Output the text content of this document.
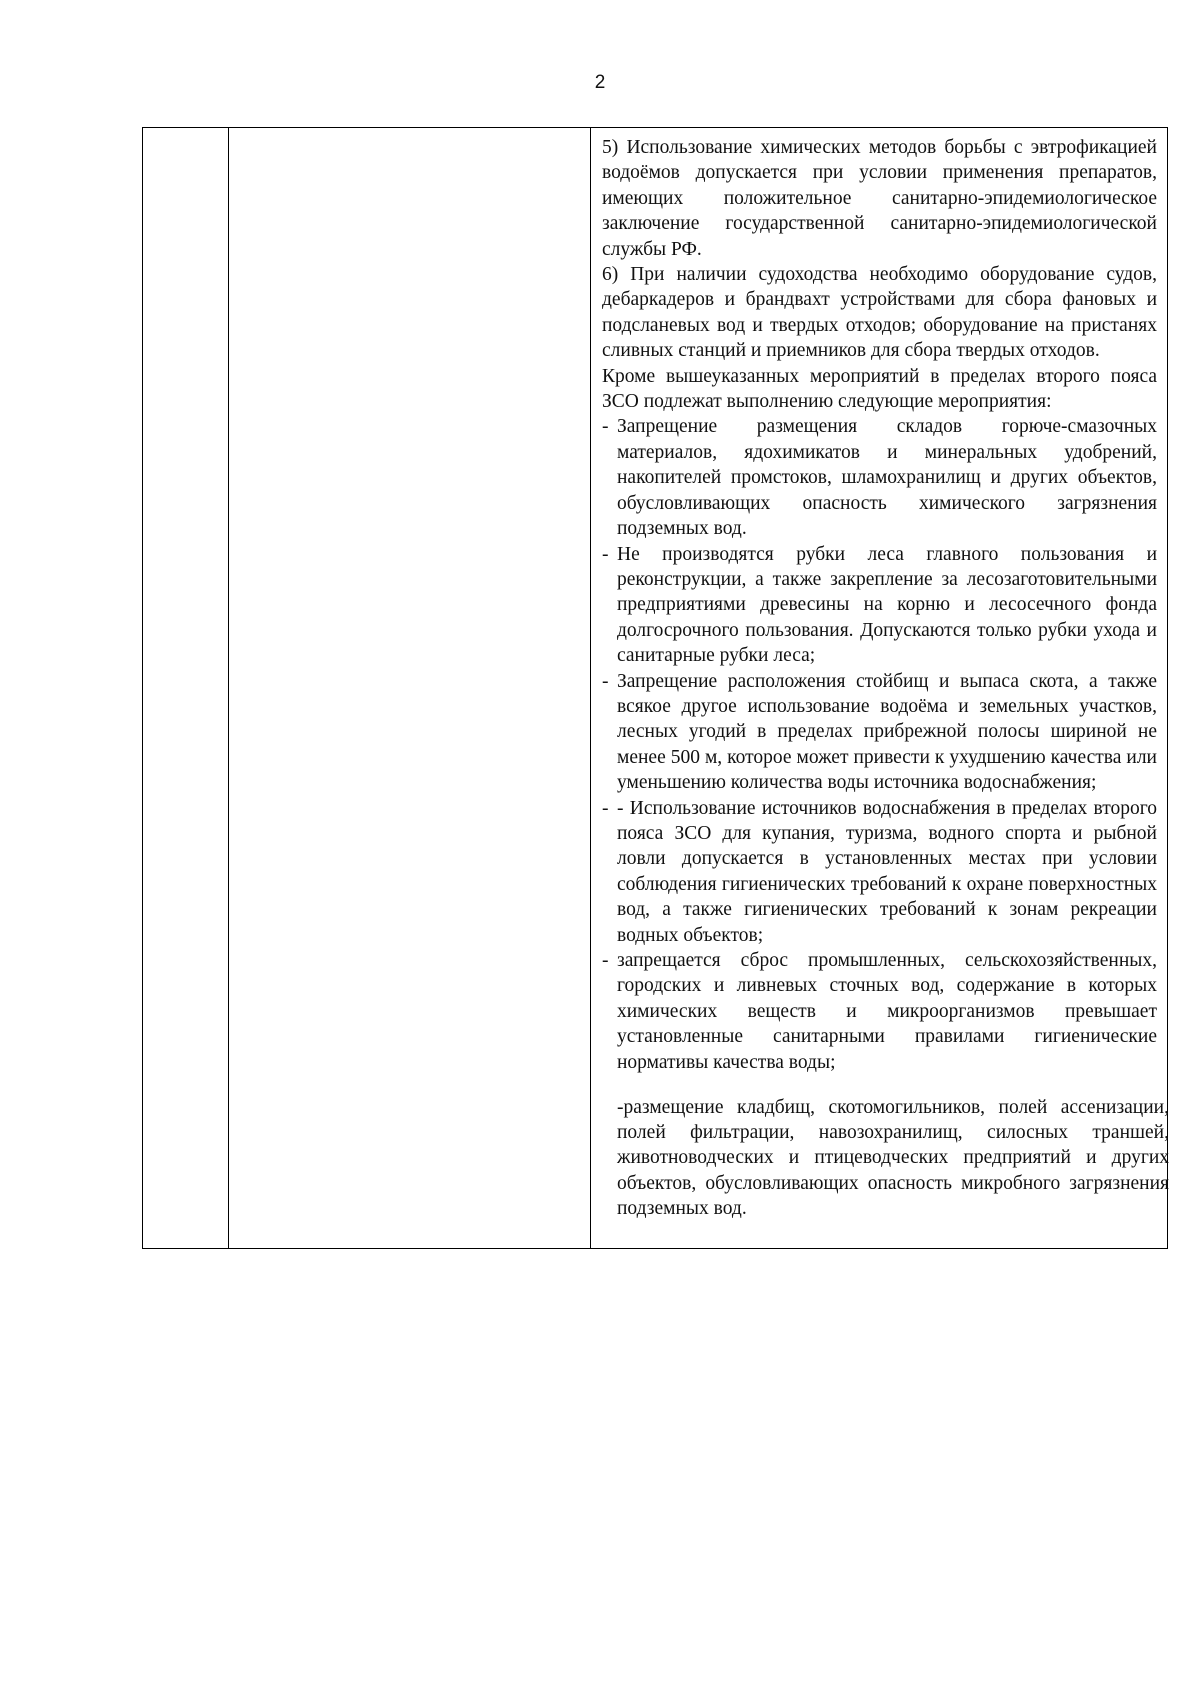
2

5) Использование химических методов борьбы с эвтрофикацией водоёмов допускается при условии применения препаратов, имеющих положительное санитарно-эпидемиологическое заключение государственной санитарно-эпидемиологической службы РФ.

6) При наличии судоходства необходимо оборудование судов, дебаркадеров и брандвахт устройствами для сбора фановых и подсланевых вод и твердых отходов; оборудование на пристанях сливных станций и приемников для сбора твердых отходов.

Кроме вышеуказанных мероприятий в пределах второго пояса ЗСО подлежат выполнению следующие мероприятия:

- Запрещение размещения складов горюче-смазочных материалов, ядохимикатов и минеральных удобрений, накопителей промстоков, шламохранилищ и других объектов, обусловливающих опасность химического загрязнения подземных вод.

- Не производятся рубки леса главного пользования и реконструкции, а также закрепление за лесозаготовительными предприятиями древесины на корню и лесосечного фонда долгосрочного пользования. Допускаются только рубки ухода и санитарные рубки леса;

- Запрещение расположения стойбищ и выпаса скота, а также всякое другое использование водоёма и земельных участков, лесных угодий в пределах прибрежной полосы шириной не менее 500 м, которое может привести к ухудшению качества или уменьшению количества воды источника водоснабжения;

- - Использование источников водоснабжения в пределах второго пояса ЗСО для купания, туризма, водного спорта и рыбной ловли допускается в установленных местах при условии соблюдения гигиенических требований к охране поверхностных вод, а также гигиенических требований к зонам рекреации водных объектов;

- запрещается сброс промышленных, сельскохозяйственных, городских и ливневых сточных вод, содержание в которых химических веществ и микроорганизмов превышает установленные санитарными правилами гигиенические нормативы качества воды;

-размещение кладбищ, скотомогильников, полей ассенизации, полей фильтрации, навозохранилищ, силосных траншей, животноводческих и птицеводческих предприятий и других объектов, обусловливающих опасность микробного загрязнения подземных вод.
